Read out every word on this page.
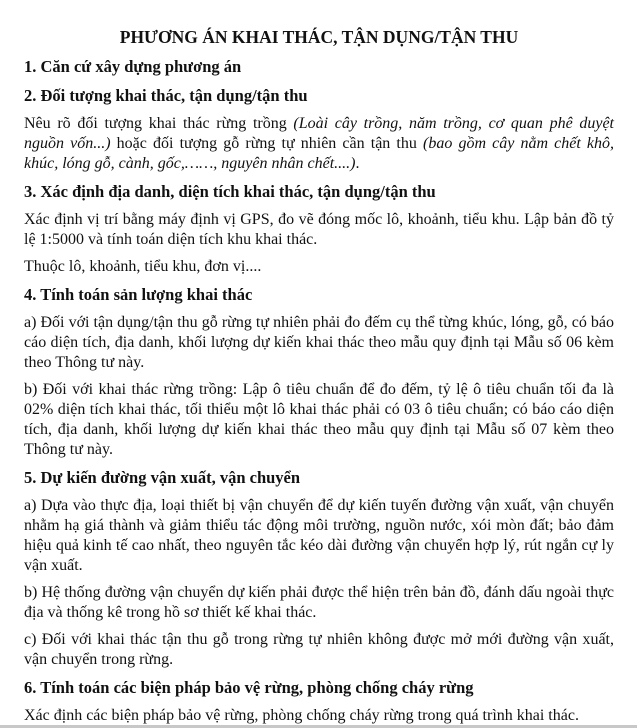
PHƯƠNG ÁN KHAI THÁC, TẬN DỤNG/TẬN THU
1. Căn cứ xây dựng phương án
2. Đối tượng khai thác, tận dụng/tận thu

Nêu rõ đối tượng khai thác rừng trồng (Loài cây trồng, năm trồng, cơ quan phê duyệt nguồn vốn...) hoặc đối tượng gỗ rừng tự nhiên cần tận thu (bao gồm cây nằm chết khô, khúc, lóng gỗ, cành, gốc,……, nguyên nhân chết....).

3. Xác định địa danh, diện tích khai thác, tận dụng/tận thu

Xác định vị trí bằng máy định vị GPS, đo vẽ đóng mốc lô, khoảnh, tiểu khu. Lập bản đồ tỷ lệ 1:5000 và tính toán diện tích khu khai thác.

Thuộc lô, khoảnh, tiểu khu, đơn vị....

4. Tính toán sản lượng khai thác

a) Đối với tận dụng/tận thu gỗ rừng tự nhiên phải đo đếm cụ thể từng khúc, lóng, gỗ, có báo cáo diện tích, địa danh, khối lượng dự kiến khai thác theo mẫu quy định tại Mẫu số 06 kèm theo Thông tư này.

b) Đối với khai thác rừng trồng: Lập ô tiêu chuẩn để đo đếm, tỷ lệ ô tiêu chuẩn tối đa là 02% diện tích khai thác, tối thiểu một lô khai thác phải có 03 ô tiêu chuẩn; có báo cáo diện tích, địa danh, khối lượng dự kiến khai thác theo mẫu quy định tại Mẫu số 07 kèm theo Thông tư này.

5. Dự kiến đường vận xuất, vận chuyển

a) Dựa vào thực địa, loại thiết bị vận chuyển để dự kiến tuyến đường vận xuất, vận chuyển nhằm hạ giá thành và giảm thiểu tác động môi trường, nguồn nước, xói mòn đất; bảo đảm hiệu quả kinh tế cao nhất, theo nguyên tắc kéo dài đường vận chuyển hợp lý, rút ngắn cự ly vận xuất.

b) Hệ thống đường vận chuyển dự kiến phải được thể hiện trên bản đồ, đánh dấu ngoài thực địa và thống kê trong hồ sơ thiết kế khai thác.

c) Đối với khai thác tận thu gỗ trong rừng tự nhiên không được mở mới đường vận xuất, vận chuyển trong rừng.

6. Tính toán các biện pháp bảo vệ rừng, phòng chống cháy rừng

Xác định các biện pháp bảo vệ rừng, phòng chống cháy rừng trong quá trình khai thác.
